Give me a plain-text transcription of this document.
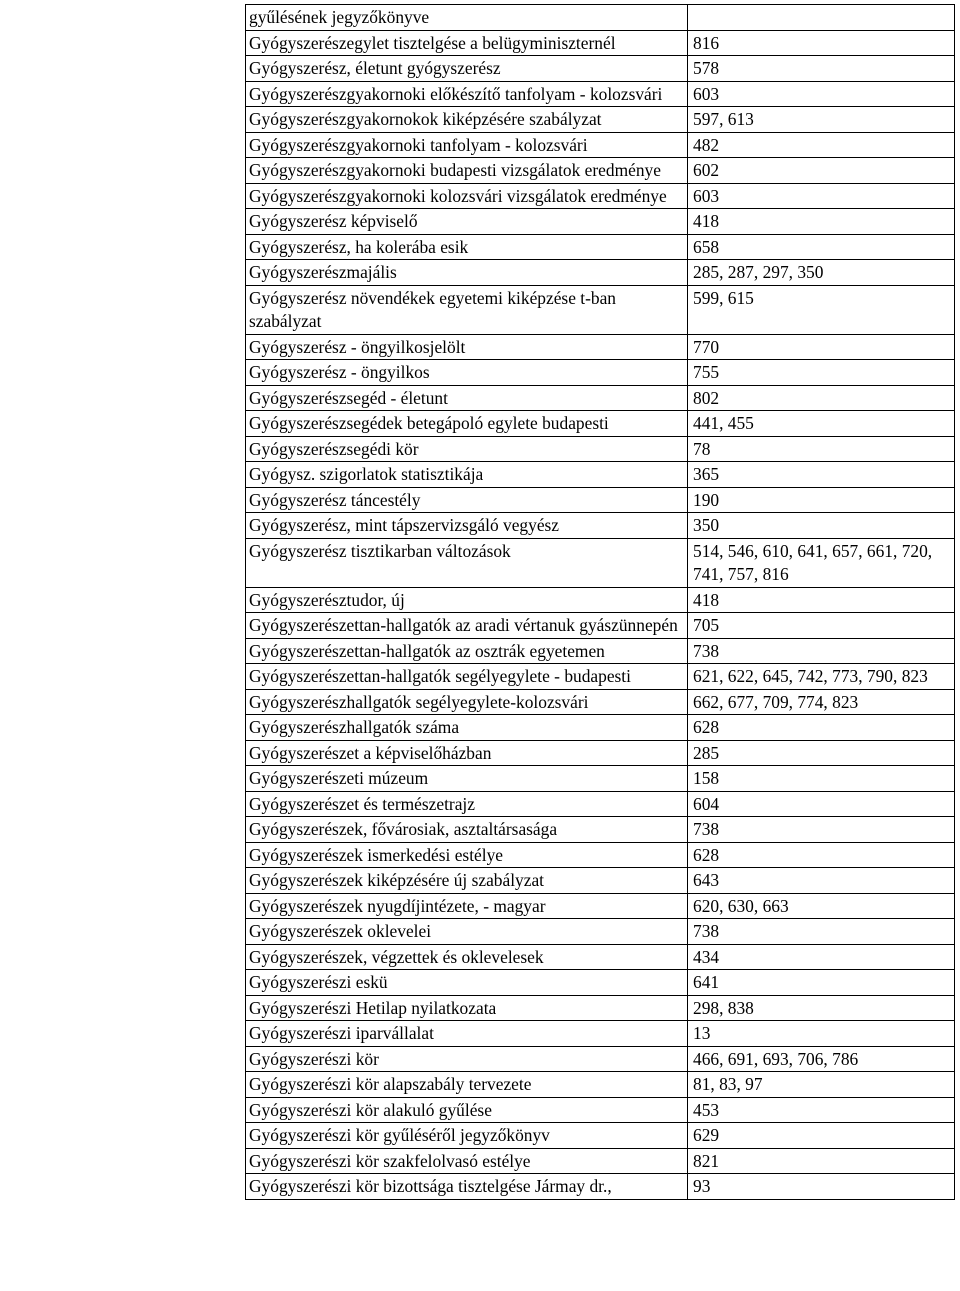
gyűlésének jegyzőkönyve	
Gyógyszerészegylet tisztelgése a belügyminiszternél	816
Gyógyszerész, életunt gyógyszerész	578
Gyógyszerészgyakornoki előkészítő tanfolyam - kolozsvári	603
Gyógyszerészgyakornokok kiképzésére szabályzat	597, 613
Gyógyszerészgyakornoki tanfolyam - kolozsvári	482
Gyógyszerészgyakornoki budapesti vizsgálatok eredménye	602
Gyógyszerészgyakornoki kolozsvári vizsgálatok eredménye	603
Gyógyszerész képviselő	418
Gyógyszerész, ha kolerába esik	658
Gyógyszerészmajális	285, 287, 297, 350
Gyógyszerész növendékek egyetemi kiképzése t-ban szabályzat	599, 615
Gyógyszerész - öngyilkosjelölt	770
Gyógyszerész - öngyilkos	755
Gyógyszerészsegéd - életunt	802
Gyógyszerészsegédek betegápoló egylete budapesti	441, 455
Gyógyszerészsegédi kör	78
Gyógysz. szigorlatok statisztikája	365
Gyógyszerész táncestély	190
Gyógyszerész, mint tápszervizsgáló vegyész	350
Gyógyszerész tisztikarban változások	514, 546, 610, 641, 657, 661, 720, 741, 757, 816
Gyógyszerésztudor, új	418
Gyógyszerészettan-hallgatók az aradi vértanuk gyászünnepén	705
Gyógyszerészettan-hallgatók az osztrák egyetemen	738
Gyógyszerészettan-hallgatók segélyegylete - budapesti	621, 622, 645, 742, 773, 790, 823
Gyógyszerészhallgatók segélyegylete-kolozsvári	662, 677, 709, 774, 823
Gyógyszerészhallgatók száma	628
Gyógyszerészet a képviselőházban	285
Gyógyszerészeti múzeum	158
Gyógyszerészet és természetrajz	604
Gyógyszerészek, fővárosiak, asztaltársasága	738
Gyógyszerészek ismerkedési estélye	628
Gyógyszerészek kiképzésére új szabályzat	643
Gyógyszerészek nyugdíjintézete, - magyar	620, 630, 663
Gyógyszerészek oklevelei	738
Gyógyszerészek, végzettek és oklevelesek	434
Gyógyszerészi eskü	641
Gyógyszerészi Hetilap nyilatkozata	298, 838
Gyógyszerészi iparvállalat	13
Gyógyszerészi kör	466, 691, 693, 706, 786
Gyógyszerészi kör alapszabály tervezete	81, 83, 97
Gyógyszerészi kör alakuló gyűlése	453
Gyógyszerészi kör gyűléséről jegyzőkönyv	629
Gyógyszerészi kör szakfelolvasó estélye	821
Gyógyszerészi kör bizottsága tisztelgése Jármay dr.,	93
